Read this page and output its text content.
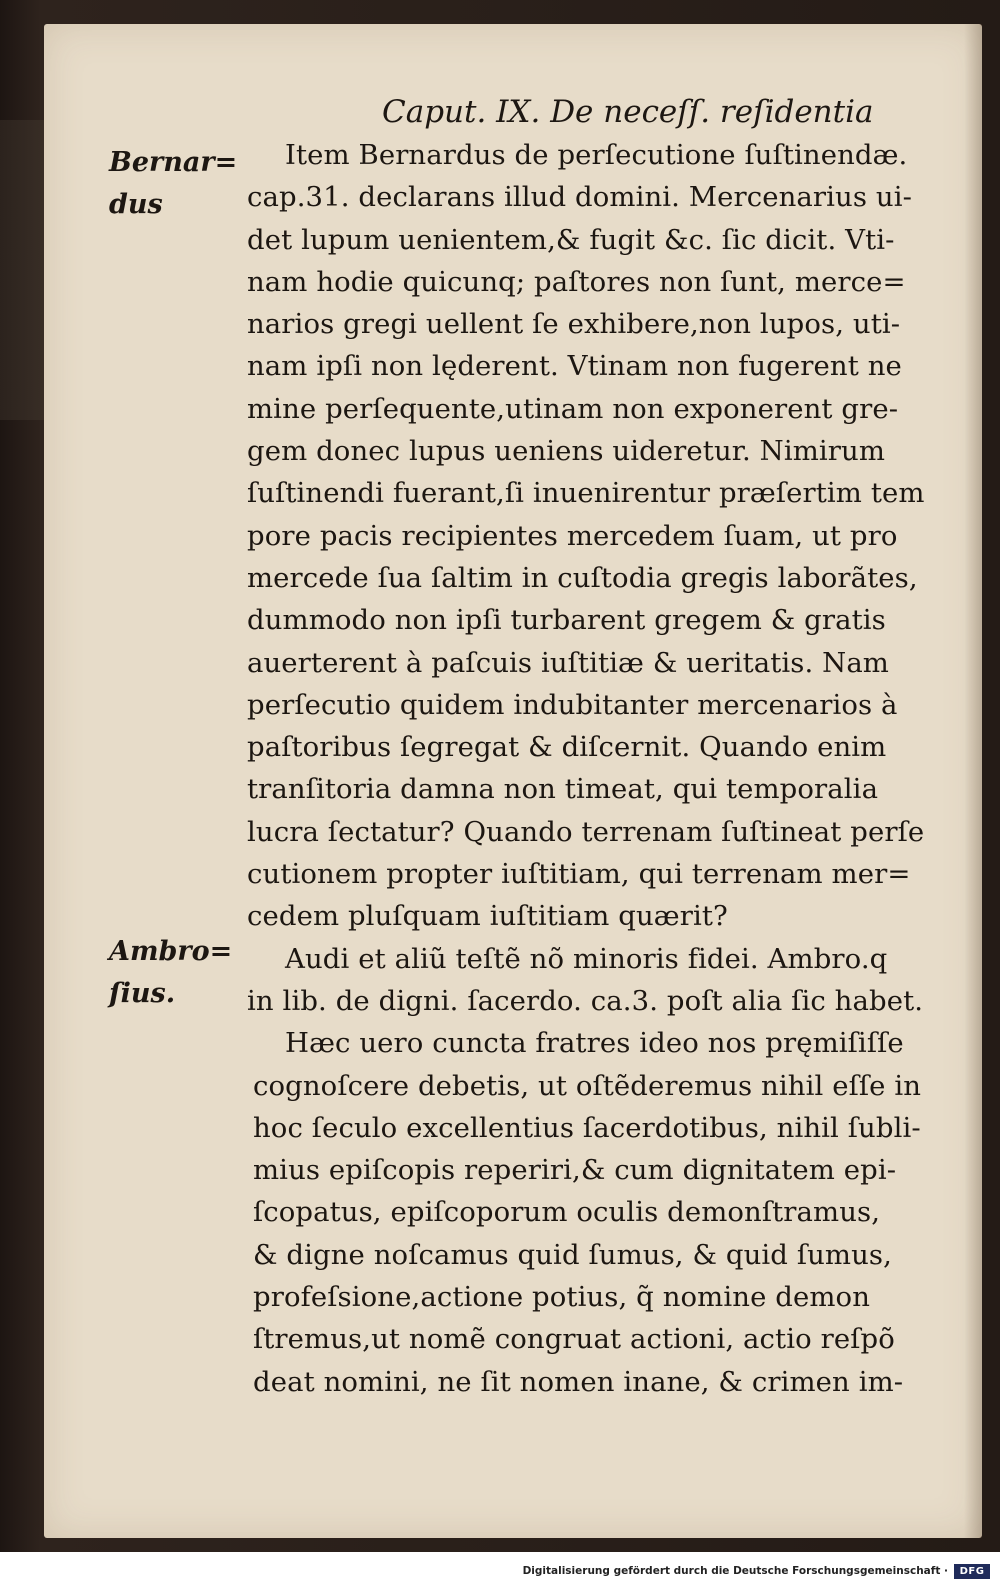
Caput. IX. De neceſſ. reſidentia
Bernar=
dus
Ambro=
ſius.
Item Bernardus de perſecutione ſuſtinendæ.
cap.31. declarans illud domini. Mercenarius ui-
det lupum uenientem,& fugit &c. ſic dicit. Vti-
nam hodie quicunq; paſtores non ſunt, merce=
narios gregi uellent ſe exhibere,non lupos, uti-
nam ipſi non lęderent. Vtinam non fugerent ne
mine perſequente,utinam non exponerent gre-
gem donec lupus ueniens uideretur. Nimirum
ſuſtinendi fuerant,ſi inuenirentur præſertim tem
pore pacis recipientes mercedem ſuam, ut pro
mercede ſua ſaltim in cuſtodia gregis laborãtes,
dummodo non ipſi turbarent gregem & gratis
auerterent à paſcuis iuſtitiæ & ueritatis. Nam
perſecutio quidem indubitanter mercenarios à
paſtoribus ſegregat & diſcernit. Quando enim
tranſitoria damna non timeat, qui temporalia
lucra ſectatur? Quando terrenam ſuſtineat perſe
cutionem propter iuſtitiam, qui terrenam mer=
cedem pluſquam iuſtitiam quærit?
Audi et aliũ teſtẽ nõ minoris fidei. Ambro.q
in lib. de digni. ſacerdo. ca.3. poſt alia ſic habet.
Hæc uero cuncta fratres ideo nos pręmiſiſſe
cognoſcere debetis, ut oſtẽderemus nihil eſſe in
hoc ſeculo excellentius ſacerdotibus, nihil ſubli-
mius epiſcopis reperiri,& cum dignitatem epi-
ſcopatus, epiſcoporum oculis demonſtramus,
& digne noſcamus quid ſumus, & quid ſumus,
profeſsione,actione potius, q̃ nomine demon
ſtremus,ut nomẽ congruat actioni, actio reſpõ
deat nomini, ne ſit nomen inane, & crimen im-
Digitalisierung gefördert durch die Deutsche Forschungsgemeinschaft ·	DFG
